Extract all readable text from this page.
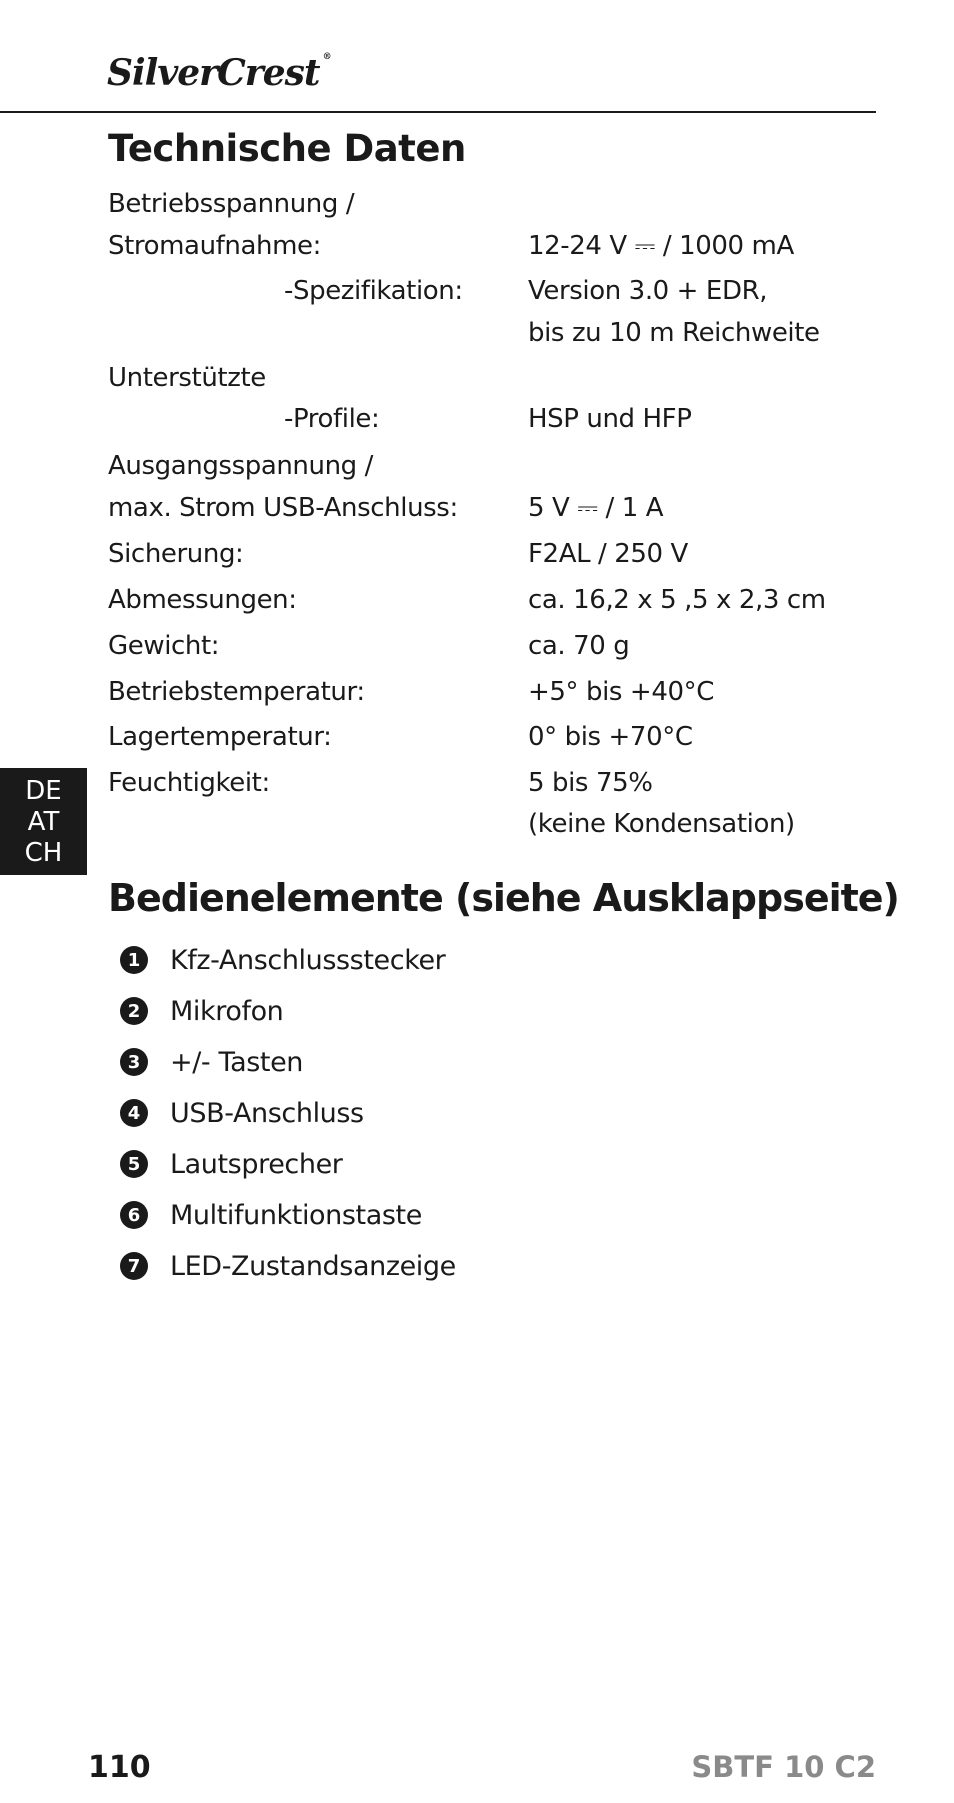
SilverCrest ®
Technische Daten
Betriebsspannung /
Stromaufnahme:	12-24 V ⎓ / 1000 mA
-Spezifikation:	Version 3.0 + EDR,
bis zu 10 m Reichweite
Unterstützte
-Profile:	HSP und HFP
Ausgangsspannung /
max. Strom USB-Anschluss:	5 V ⎓ / 1 A
Sicherung:	F2AL / 250 V
Abmessungen:	ca. 16,2 x 5 ,5 x 2,3 cm
Gewicht:	ca. 70 g
Betriebstemperatur:	+5° bis +40°C
Lagertemperatur:	0° bis +70°C
Feuchtigkeit:	5 bis 75%
(keine Kondensation)
DE
AT
CH
Bedienelemente (siehe Ausklappseite)
1 Kfz-Anschlussstecker
2 Mikrofon
3 +/- Tasten
4 USB-Anschluss
5 Lautsprecher
6 Multifunktionstaste
7 LED-Zustandsanzeige
110	SBTF 10 C2
